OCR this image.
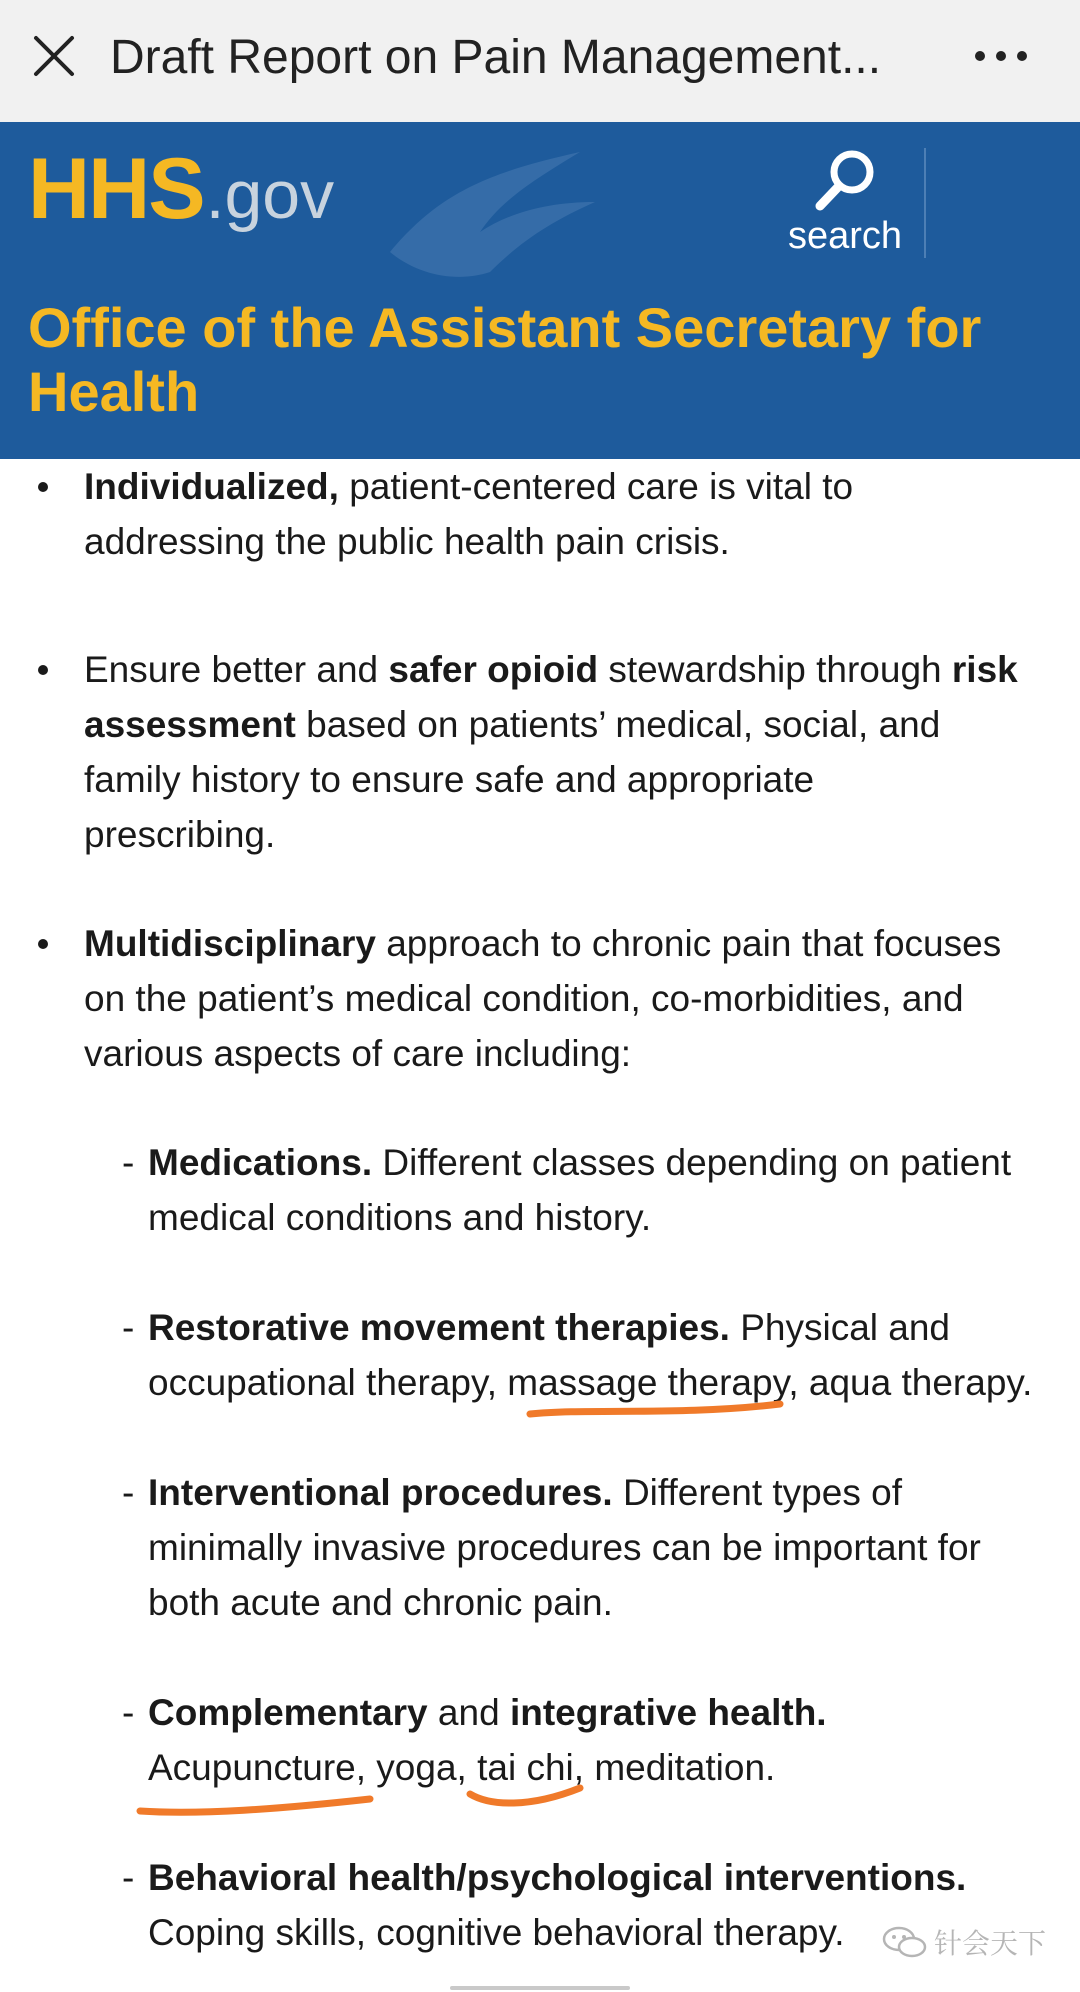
Draft Report on Pain Management...
HHS.gov
search
Office of the Assistant Secretary for Health
Individualized, patient-centered care is vital to
addressing the public health pain crisis.
Ensure better and safer opioid stewardship through risk
assessment based on patients’ medical, social, and
family history to ensure safe and appropriate
prescribing.
Multidisciplinary approach to chronic pain that focuses
on the patient’s medical condition, co-morbidities, and
various aspects of care including:
- Medications. Different classes depending on patient
medical conditions and history.
- Restorative movement therapies. Physical and
occupational therapy, massage therapy, aqua therapy.
- Interventional procedures. Different types of
minimally invasive procedures can be important for
both acute and chronic pain.
- Complementary and integrative health.
Acupuncture, yoga, tai chi, meditation.
- Behavioral health/psychological interventions.
Coping skills, cognitive behavioral therapy.	针会天下
